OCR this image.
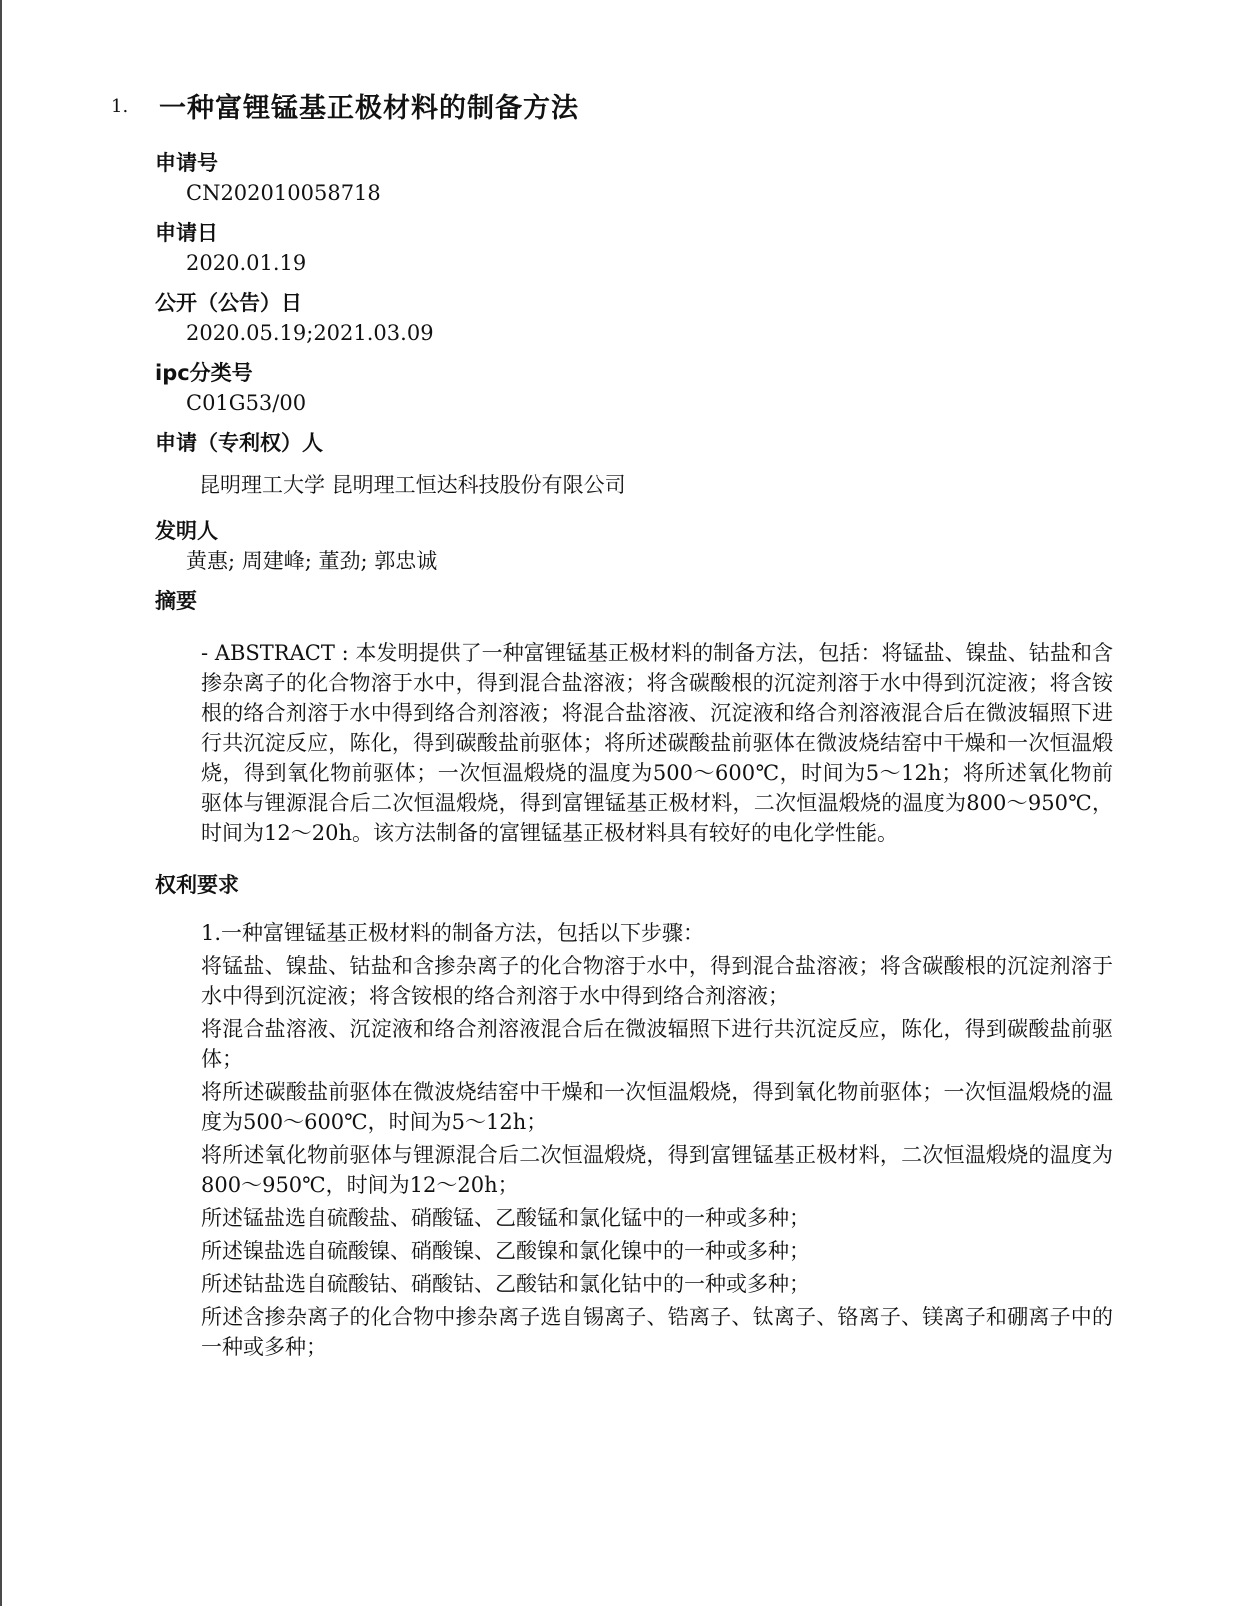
1. 一种富锂锰基正极材料的制备方法

申请号

CN202010058718

申请日

2020.01.19

公开（公告）日

2020.05.19;2021.03.09

ipc分类号

C01G53/00

申请（专利权）人

昆明理工大学 昆明理工恒达科技股份有限公司

发明人

黄惠; 周建峰; 董劲; 郭忠诚

摘要

- ABSTRACT : 本发明提供了一种富锂锰基正极材料的制备方法，包括：将锰盐、镍盐、钴盐和含掺杂离子的化合物溶于水中，得到混合盐溶液；将含碳酸根的沉淀剂溶于水中得到沉淀液；将含铵根的络合剂溶于水中得到络合剂溶液；将混合盐溶液、沉淀液和络合剂溶液混合后在微波辐照下进行共沉淀反应，陈化，得到碳酸盐前驱体；将所述碳酸盐前驱体在微波烧结窑中干燥和一次恒温煅烧，得到氧化物前驱体；一次恒温煅烧的温度为500～600℃，时间为5～12h；将所述氧化物前驱体与锂源混合后二次恒温煅烧，得到富锂锰基正极材料，二次恒温煅烧的温度为800～950℃，时间为12～20h。该方法制备的富锂锰基正极材料具有较好的电化学性能。

权利要求

1.一种富锂锰基正极材料的制备方法，包括以下步骤：

将锰盐、镍盐、钴盐和含掺杂离子的化合物溶于水中，得到混合盐溶液；将含碳酸根的沉淀剂溶于水中得到沉淀液；将含铵根的络合剂溶于水中得到络合剂溶液；

将混合盐溶液、沉淀液和络合剂溶液混合后在微波辐照下进行共沉淀反应，陈化，得到碳酸盐前驱体；

将所述碳酸盐前驱体在微波烧结窑中干燥和一次恒温煅烧，得到氧化物前驱体；一次恒温煅烧的温度为500～600℃，时间为5～12h；

将所述氧化物前驱体与锂源混合后二次恒温煅烧，得到富锂锰基正极材料，二次恒温煅烧的温度为800～950℃，时间为12～20h；

所述锰盐选自硫酸盐、硝酸锰、乙酸锰和氯化锰中的一种或多种；

所述镍盐选自硫酸镍、硝酸镍、乙酸镍和氯化镍中的一种或多种；

所述钴盐选自硫酸钴、硝酸钴、乙酸钴和氯化钴中的一种或多种；

所述含掺杂离子的化合物中掺杂离子选自锡离子、锆离子、钛离子、铬离子、镁离子和硼离子中的一种或多种；
